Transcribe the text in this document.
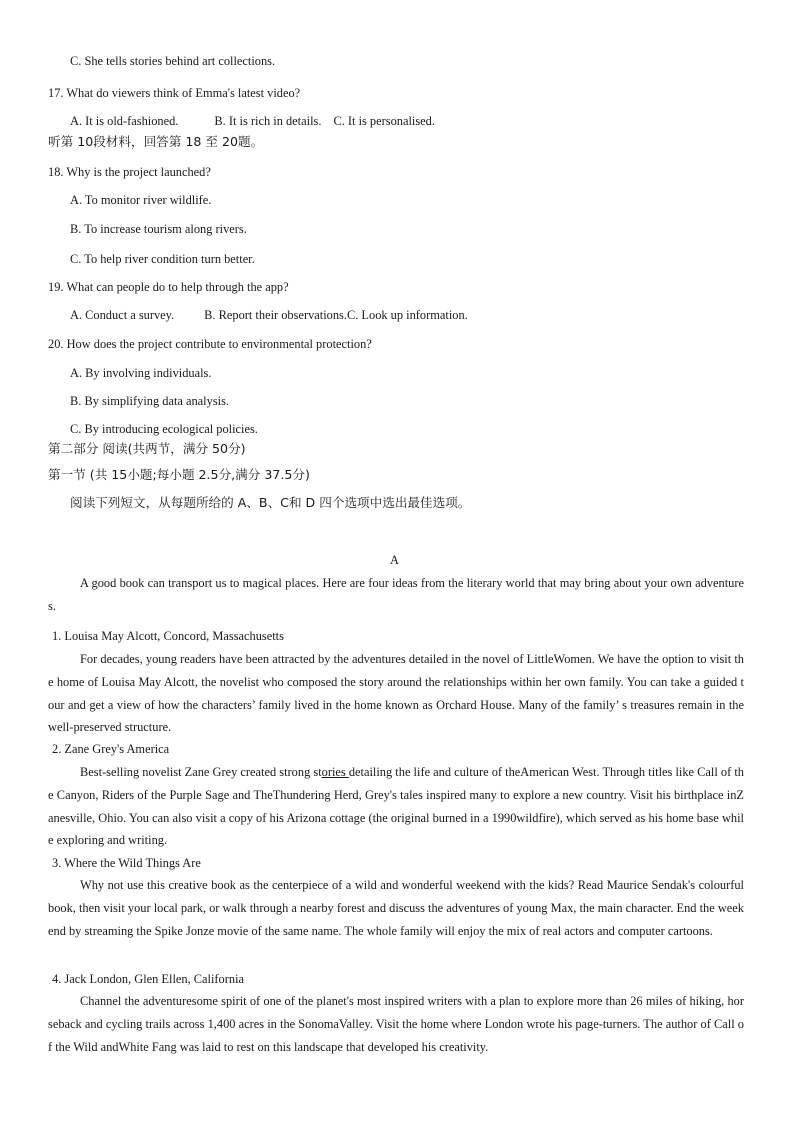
C. She tells stories behind art collections.
17. What do viewers think of Emma's latest video?
A. It is old-fashioned.	B. It is rich in details. C. It is personalised.
听第 10段材料，回答第 18 至 20题。
18. Why is the project launched?
A. To monitor river wildlife.
B. To increase tourism along rivers.
C. To help river condition turn better.
19. What can people do to help through the app?
A. Conduct a survey. B. Report their observations.C. Look up information.
20. How does the project contribute to environmental protection?
A. By involving individuals.
B. By simplifying data analysis.
C. By introducing ecological policies.
第二部分 阅读(共两节，满分 50分)
第一节 (共 15小题;每小题 2.5分,满分 37.5分)
阅读下列短文，从每题所给的 A、B、C和 D 四个选项中选出最佳选项。
A
A good book can transport us to magical places. Here are four ideas from the literary world that may bring about your own adventures.
1. Louisa May Alcott, Concord, Massachusetts
For decades, young readers have been attracted by the adventures detailed in the novel of LittleWomen. We have the option to visit the home of Louisa May Alcott, the novelist who composed the story around the relationships within her own family. You can take a guided tour and get a view of how the characters’ family lived in the home known as Orchard House. Many of the family’ s treasures remain in the well-preserved structure.
2. Zane Grey's America
Best-selling novelist Zane Grey created strong stories detailing the life and culture of theAmerican West. Through titles like Call of the Canyon, Riders of the Purple Sage and TheThundering Herd, Grey's tales inspired many to explore a new country. Visit his birthplace inZanesville, Ohio. You can also visit a copy of his Arizona cottage (the original burned in a 1990wildfire), which served as his home base while exploring and writing.
3. Where the Wild Things Are
Why not use this creative book as the centerpiece of a wild and wonderful weekend with the kids? Read Maurice Sendak's colourful book, then visit your local park, or walk through a nearby forest and discuss the adventures of young Max, the main character. End the weekend by streaming the Spike Jonze movie of the same name. The whole family will enjoy the mix of real actors and computer cartoons.
4. Jack London, Glen Ellen, California
Channel the adventuresome spirit of one of the planet's most inspired writers with a plan to explore more than 26 miles of hiking, horseback and cycling trails across 1,400 acres in the SonomaValley. Visit the home where London wrote his page-turners. The author of Call of the Wild andWhite Fang was laid to rest on this landscape that developed his creativity.
